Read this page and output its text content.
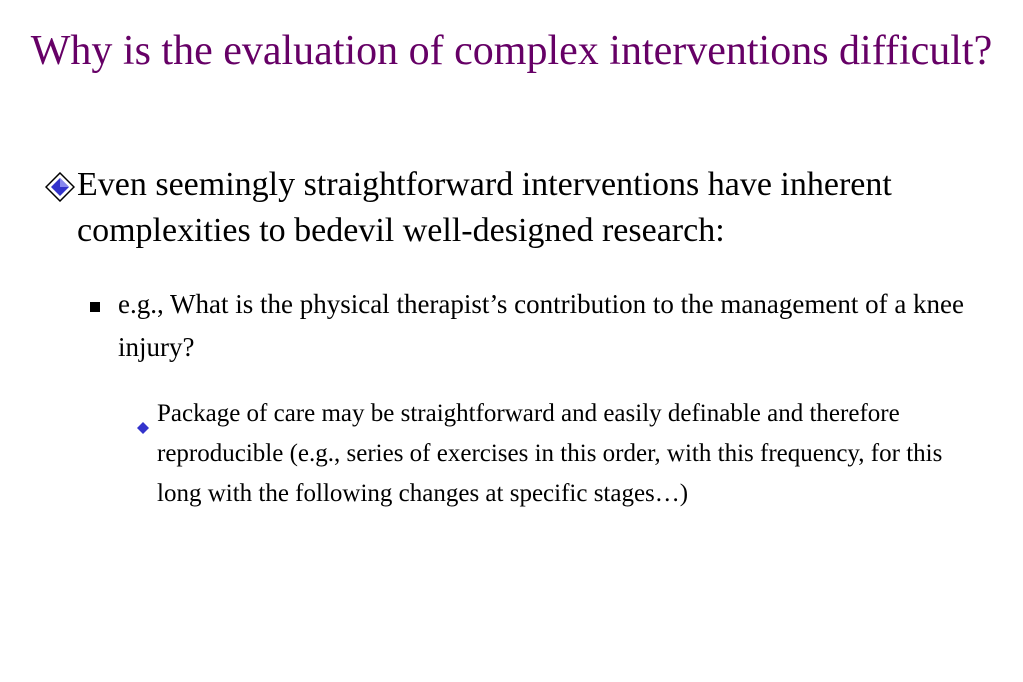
Why is the evaluation of complex interventions difficult?
Even seemingly straightforward interventions have inherent complexities to bedevil well-designed research:
e.g., What is the physical therapist’s contribution to the management of a knee injury?
Package of care may be straightforward and easily definable and therefore reproducible (e.g., series of exercises in this order, with this frequency, for this long with the following changes at specific stages…)
